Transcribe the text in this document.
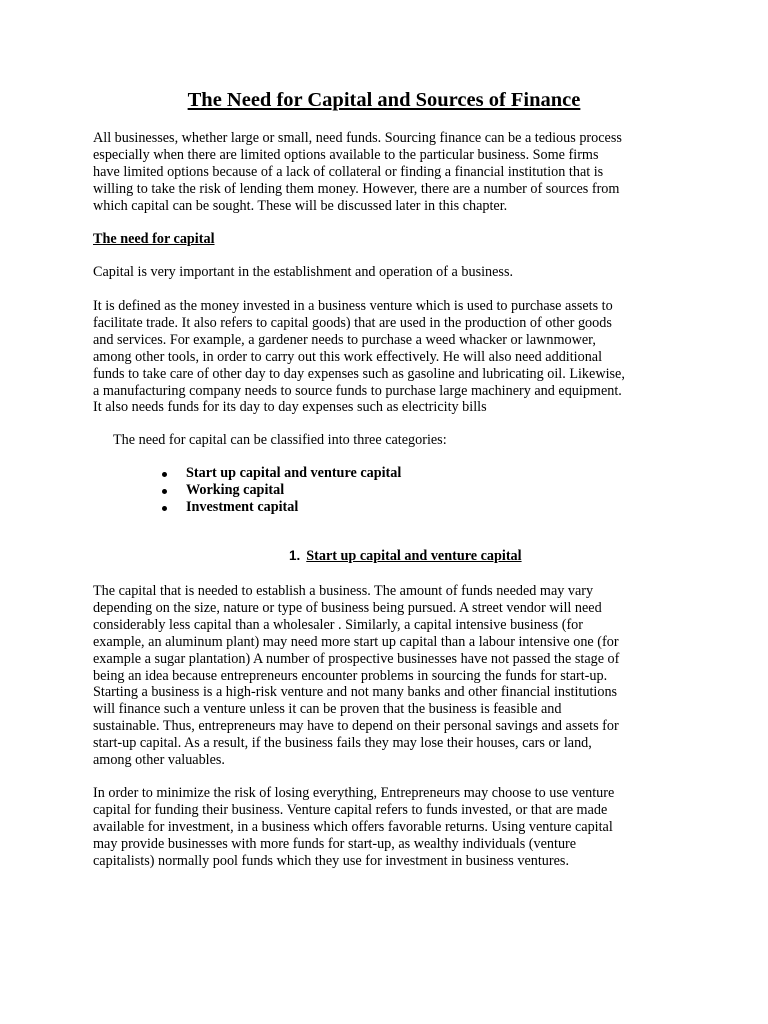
The Need for Capital and Sources of Finance

All businesses, whether large or small, need funds. Sourcing finance can be a tedious process
especially when there are limited options available to the particular business. Some firms
have limited options because of a lack of collateral or finding a financial institution that is
willing to take the risk of lending them money. However, there are a number of sources from
which capital can be sought. These will be discussed later in this chapter.

The need for capital

Capital is very important in the establishment and operation of a business.

It is defined as the money invested in a business venture which is used to purchase assets to
facilitate trade. It also refers to capital goods) that are used in the production of other goods
and services. For example, a gardener needs to purchase a weed whacker or lawnmower,
among other tools, in order to carry out this work effectively. He will also need additional
funds to take care of other day to day expenses such as gasoline and lubricating oil. Likewise,
a manufacturing company needs to source funds to purchase large machinery and equipment.
It also needs funds for its day to day expenses such as electricity bills

The need for capital can be classified into three categories:

Start up capital and venture capital
Working capital
Investment capital

1. Start up capital and venture capital

The capital that is needed to establish a business. The amount of funds needed may vary
depending on the size, nature or type of business being pursued. A street vendor will need
considerably less capital than a wholesaler . Similarly, a capital intensive business (for
example, an aluminum plant) may need more start up capital than a labour intensive one (for
example a sugar plantation) A number of prospective businesses have not passed the stage of
being an idea because entrepreneurs encounter problems in sourcing the funds for start-up.
Starting a business is a high-risk venture and not many banks and other financial institutions
will finance such a venture unless it can be proven that the business is feasible and
sustainable. Thus, entrepreneurs may have to depend on their personal savings and assets for
start-up capital. As a result, if the business fails they may lose their houses, cars or land,
among other valuables.

In order to minimize the risk of losing everything, Entrepreneurs may choose to use venture
capital for funding their business. Venture capital refers to funds invested, or that are made
available for investment, in a business which offers favorable returns. Using venture capital
may provide businesses with more funds for start-up, as wealthy individuals (venture
capitalists) normally pool funds which they use for investment in business ventures.
